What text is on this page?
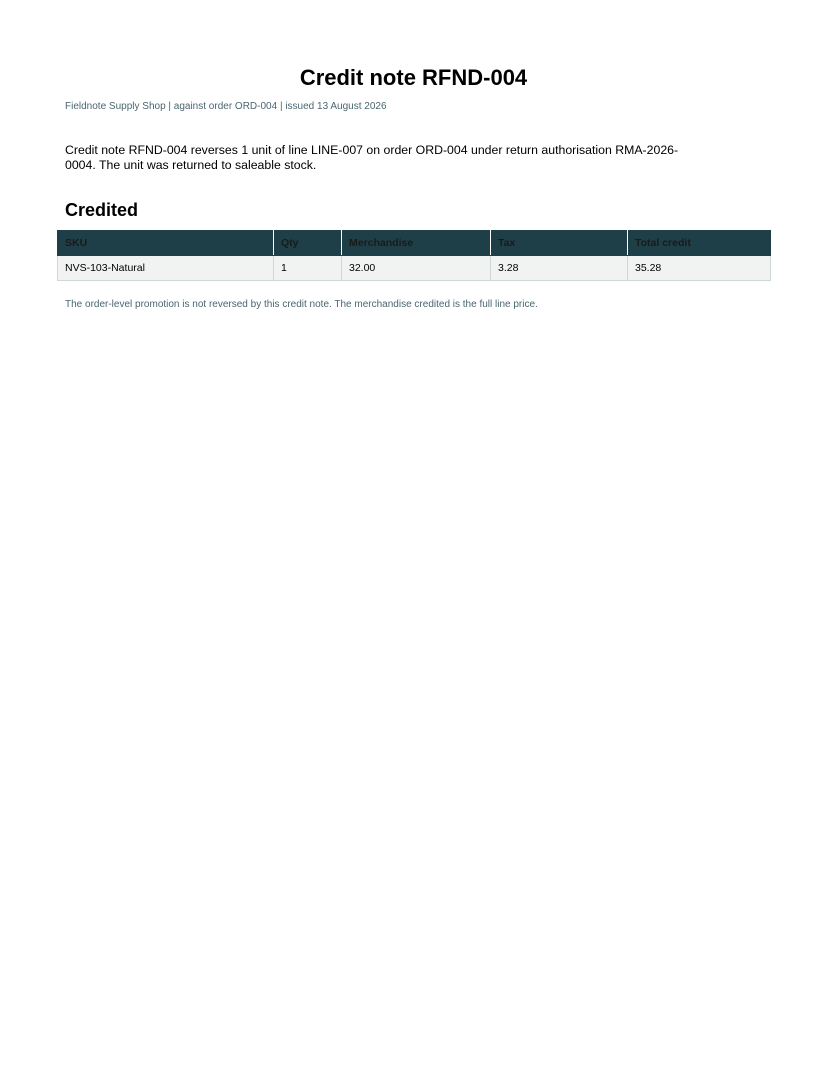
Credit note RFND-004

Fieldnote Supply Shop | against order ORD-004 | issued 13 August 2026

Credit note RFND-004 reverses 1 unit of line LINE-007 on order ORD-004 under return authorisation RMA-2026-0004. The unit was returned to saleable stock.

Credited
SKU	Qty	Merchandise	Tax	Total credit
NVS-103-Natural	1	32.00	3.28	35.28

The order-level promotion is not reversed by this credit note. The merchandise credited is the full line price.
